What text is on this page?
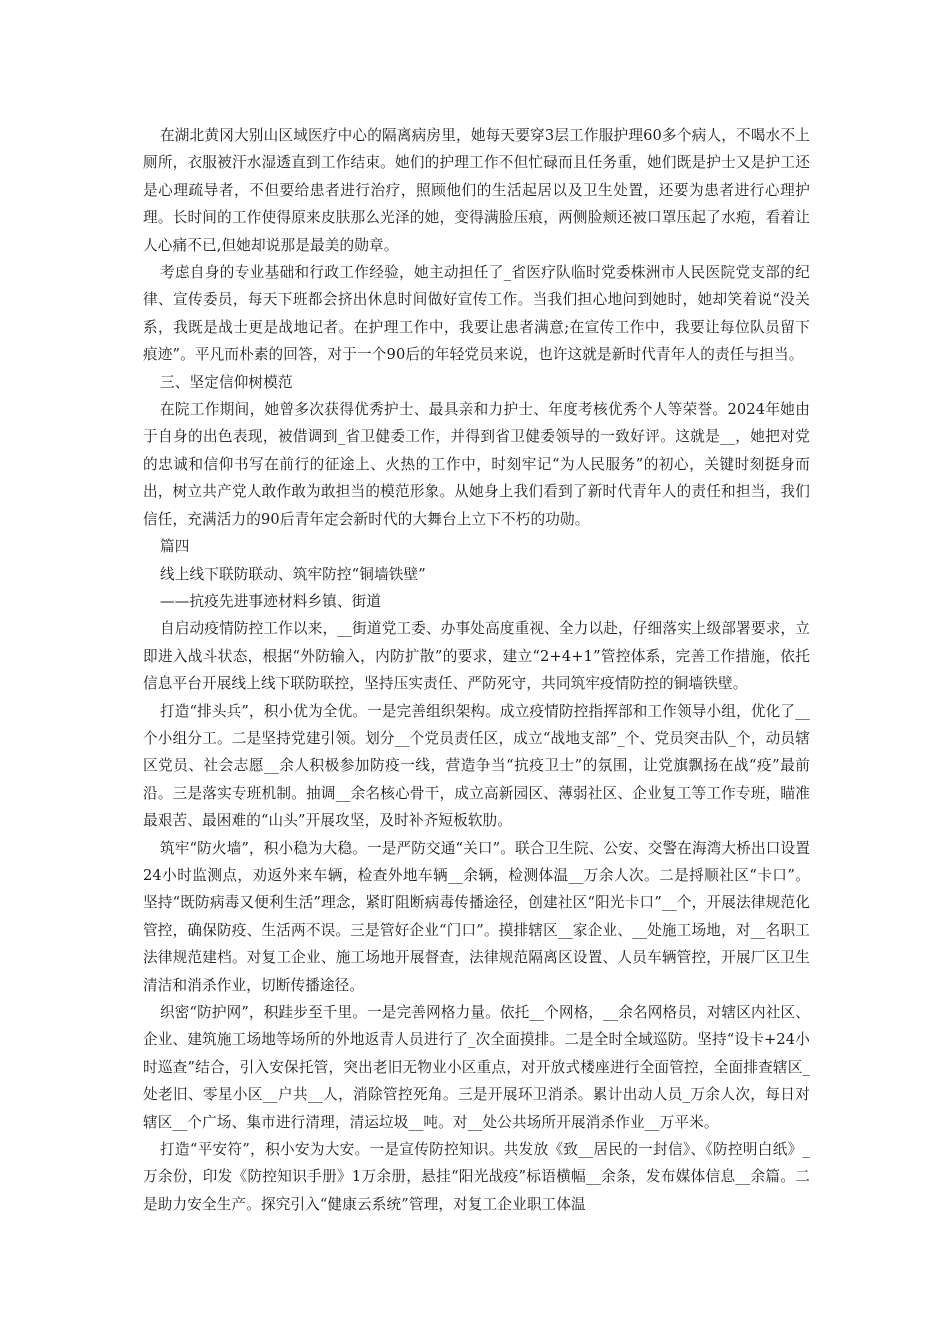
在湖北黄冈大别山区域医疗中心的隔离病房里，她每天要穿3层工作服护理60多个病人，不喝水不上厕所，衣服被汗水湿透直到工作结束。她们的护理工作不但忙碌而且任务重，她们既是护士又是护工还是心理疏导者，不但要给患者进行治疗，照顾他们的生活起居以及卫生处置，还要为患者进行心理护理。长时间的工作使得原来皮肤那么光泽的她，变得满脸压痕，两侧脸颊还被口罩压起了水疱，看着让人心痛不已,但她却说那是最美的勋章。

考虑自身的专业基础和行政工作经验，她主动担任了_省医疗队临时党委株洲市人民医院党支部的纪律、宣传委员，每天下班都会挤出休息时间做好宣传工作。当我们担心地问到她时，她却笑着说“没关系，我既是战士更是战地记者。在护理工作中，我要让患者满意;在宣传工作中，我要让每位队员留下痕迹”。平凡而朴素的回答，对于一个90后的年轻党员来说，也许这就是新时代青年人的责任与担当。

三、坚定信仰树模范

在院工作期间，她曾多次获得优秀护士、最具亲和力护士、年度考核优秀个人等荣誉。2024年她由于自身的出色表现，被借调到_省卫健委工作，并得到省卫健委领导的一致好评。这就是__，她把对党的忠诚和信仰书写在前行的征途上、火热的工作中，时刻牢记“为人民服务”的初心，关键时刻挺身而出，树立共产党人敢作敢为敢担当的模范形象。从她身上我们看到了新时代青年人的责任和担当，我们信任，充满活力的90后青年定会新时代的大舞台上立下不朽的功勋。

篇四

线上线下联防联动、筑牢防控“铜墙铁壁”

——抗疫先进事迹材料乡镇、街道

自启动疫情防控工作以来，__街道党工委、办事处高度重视、全力以赴，仔细落实上级部署要求，立即进入战斗状态，根据“外防输入，内防扩散”的要求，建立“2+4+1”管控体系，完善工作措施，依托信息平台开展线上线下联防联控，坚持压实责任、严防死守，共同筑牢疫情防控的铜墙铁壁。

打造“排头兵”，积小优为全优。一是完善组织架构。成立疫情防控指挥部和工作领导小组，优化了__个小组分工。二是坚持党建引领。划分__个党员责任区，成立“战地支部”_个、党员突击队_个，动员辖区党员、社会志愿__余人积极参加防疫一线，营造争当“抗疫卫士”的氛围，让党旗飘扬在战“疫”最前沿。三是落实专班机制。抽调__余名核心骨干，成立高新园区、薄弱社区、企业复工等工作专班，瞄准最艰苦、最困难的“山头”开展攻坚，及时补齐短板软肋。

筑牢“防火墙”，积小稳为大稳。一是严防交通“关口”。联合卫生院、公安、交警在海湾大桥出口设置24小时监测点，劝返外来车辆，检查外地车辆__余辆，检测体温__万余人次。二是捋顺社区“卡口”。坚持“既防病毒又便利生活”理念，紧盯阻断病毒传播途径，创建社区“阳光卡口”__个，开展法律规范化管控，确保防疫、生活两不误。三是管好企业“门口”。摸排辖区__家企业、__处施工场地，对__名职工法律规范建档。对复工企业、施工场地开展督查，法律规范隔离区设置、人员车辆管控，开展厂区卫生清洁和消杀作业，切断传播途径。

织密“防护网”，积跬步至千里。一是完善网格力量。依托__个网格，__余名网格员，对辖区内社区、企业、建筑施工场地等场所的外地返青人员进行了_次全面摸排。二是全时全域巡防。坚持“设卡+24小时巡查”结合，引入安保托管，突出老旧无物业小区重点，对开放式楼座进行全面管控，全面排查辖区_处老旧、零星小区__户共__人，消除管控死角。三是开展环卫消杀。累计出动人员_万余人次，每日对辖区__个广场、集市进行清理，清运垃圾__吨。对__处公共场所开展消杀作业__万平米。

打造“平安符”，积小安为大安。一是宣传防控知识。共发放《致__居民的一封信》、《防控明白纸》_万余份，印发《防控知识手册》1万余册，悬挂“阳光战疫”标语横幅__余条，发布媒体信息__余篇。二是助力安全生产。探究引入“健康云系统”管理，对复工企业职工体温
